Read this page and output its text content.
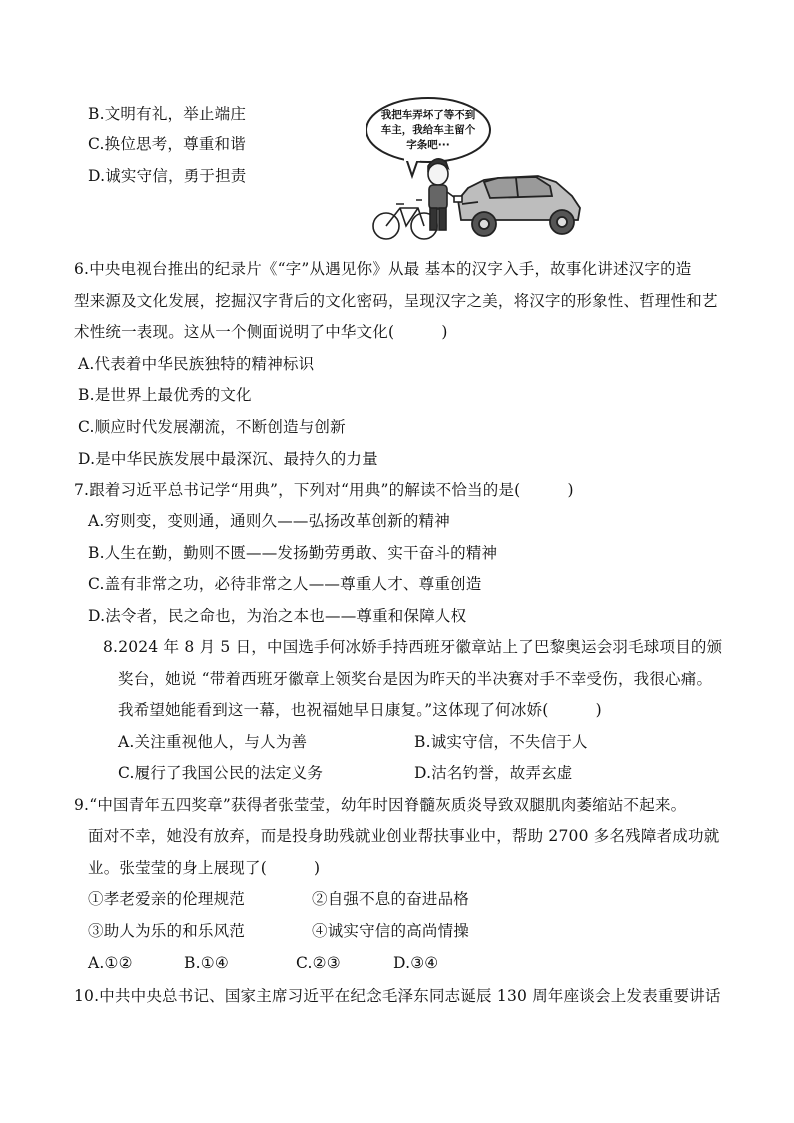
B.文明有礼，举止端庄
C.换位思考，尊重和谐
D.诚实守信，勇于担责
我把车弄坏了等不到
车主，我给车主留个
字条吧···
6.中央电视台推出的纪录片《“字”从遇见你》从最 基本的汉字入手，故事化讲述汉字的造
型来源及文化发展，挖掘汉字背后的文化密码，呈现汉字之美，将汉字的形象性、哲理性和艺
术性统一表现。这从一个侧面说明了中华文化(　　　)
A.代表着中华民族独特的精神标识
B.是世界上最优秀的文化
C.顺应时代发展潮流，不断创造与创新
D.是中华民族发展中最深沉、最持久的力量
7.跟着习近平总书记学“用典”，下列对“用典”的解读不恰当的是(　　　)
A.穷则变，变则通，通则久——弘扬改革创新的精神
B.人生在勤，勤则不匮——发扬勤劳勇敢、实干奋斗的精神
C.盖有非常之功，必待非常之人——尊重人才、尊重创造
D.法令者，民之命也，为治之本也——尊重和保障人权
8.2024 年 8 月 5 日，中国选手何冰娇手持西班牙徽章站上了巴黎奥运会羽毛球项目的颁
奖台，她说 “带着西班牙徽章上领奖台是因为昨天的半决赛对手不幸受伤，我很心痛。
我希望她能看到这一幕，也祝福她早日康复。”这体现了何冰娇(　　　)
A.关注重视他人，与人为善	B.诚实守信，不失信于人
C.履行了我国公民的法定义务	D.沽名钓誉，故弄玄虚
9.“中国青年五四奖章”获得者张莹莹，幼年时因脊髓灰质炎导致双腿肌肉萎缩站不起来。
面对不幸，她没有放弃，而是投身助残就业创业帮扶事业中，帮助 2700 多名残障者成功就
业。张莹莹的身上展现了(　　　)
①孝老爱亲的伦理规范	②自强不息的奋进品格
③助人为乐的和乐风范	④诚实守信的高尚情操
A.①②	B.①④	C.②③	D.③④
10.中共中央总书记、国家主席习近平在纪念毛泽东同志诞辰 130 周年座谈会上发表重要讲话
